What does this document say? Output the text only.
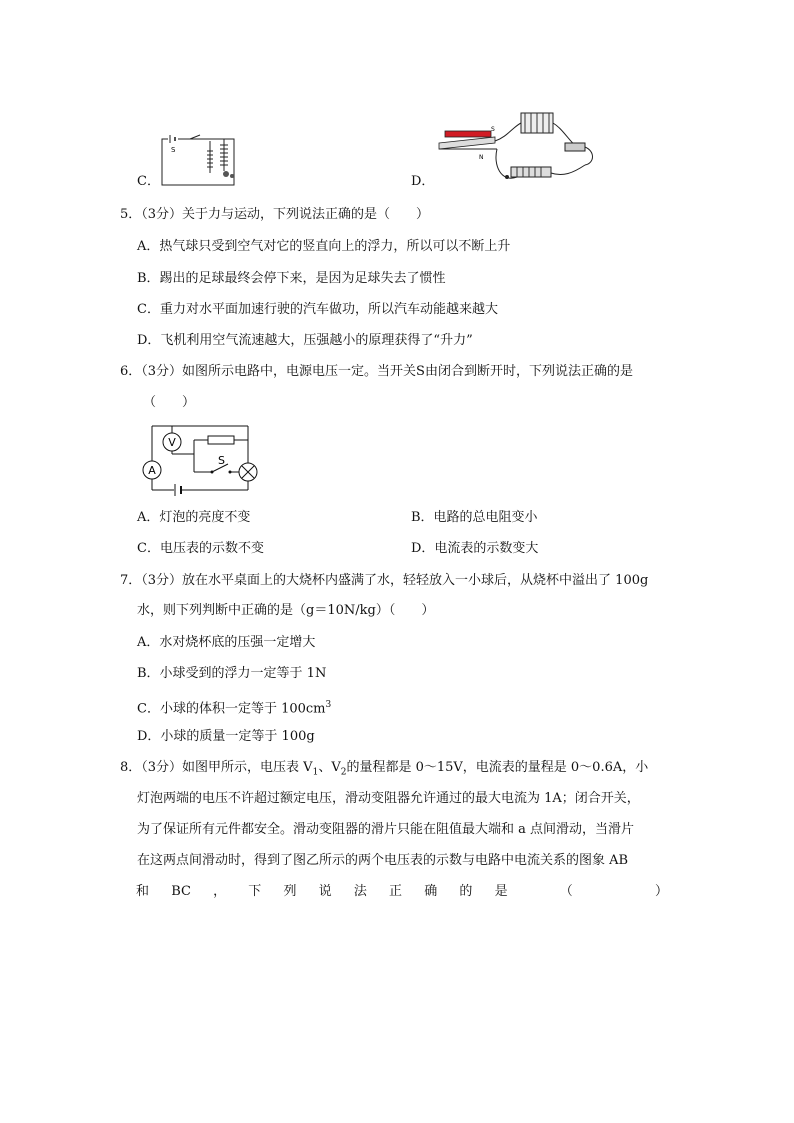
C．
S
D．
S
N
5．（3分）关于力与运动，下列说法正确的是（　　）
A．热气球只受到空气对它的竖直向上的浮力，所以可以不断上升
B．踢出的足球最终会停下来，是因为足球失去了惯性
C．重力对水平面加速行驶的汽车做功，所以汽车动能越来越大
D．飞机利用空气流速越大，压强越小的原理获得了“升力”
6．（3分）如图所示电路中，电源电压一定。当开关S由闭合到断开时，下列说法正确的是
（　　）
A
V
S
A．灯泡的亮度不变	B．电路的总电阻变小
C．电压表的示数不变	D．电流表的示数变大
7．（3分）放在水平桌面上的大烧杯内盛满了水，轻轻放入一小球后，从烧杯中溢出了 100g
水，则下列判断中正确的是（g＝10N/kg）（　　）
A．水对烧杯底的压强一定增大
B．小球受到的浮力一定等于 1N
C．小球的体积一定等于 $100cm^3$
D．小球的质量一定等于 100g
8．（3分）如图甲所示，电压表 $V_1$、$V_2$的量程都是 0～15V，电流表的量程是 0～0.6A，小
灯泡两端的电压不许超过额定电压，滑动变阻器允许通过的最大电流为 1A；闭合开关，
为了保证所有元件都安全。滑动变阻器的滑片只能在阻值最大端和 a 点间滑动，当滑片
在这两点间滑动时，得到了图乙所示的两个电压表的示数与电路中电流关系的图象 AB
和 BC ， 下 列 说 法 正 确 的 是	（	）
